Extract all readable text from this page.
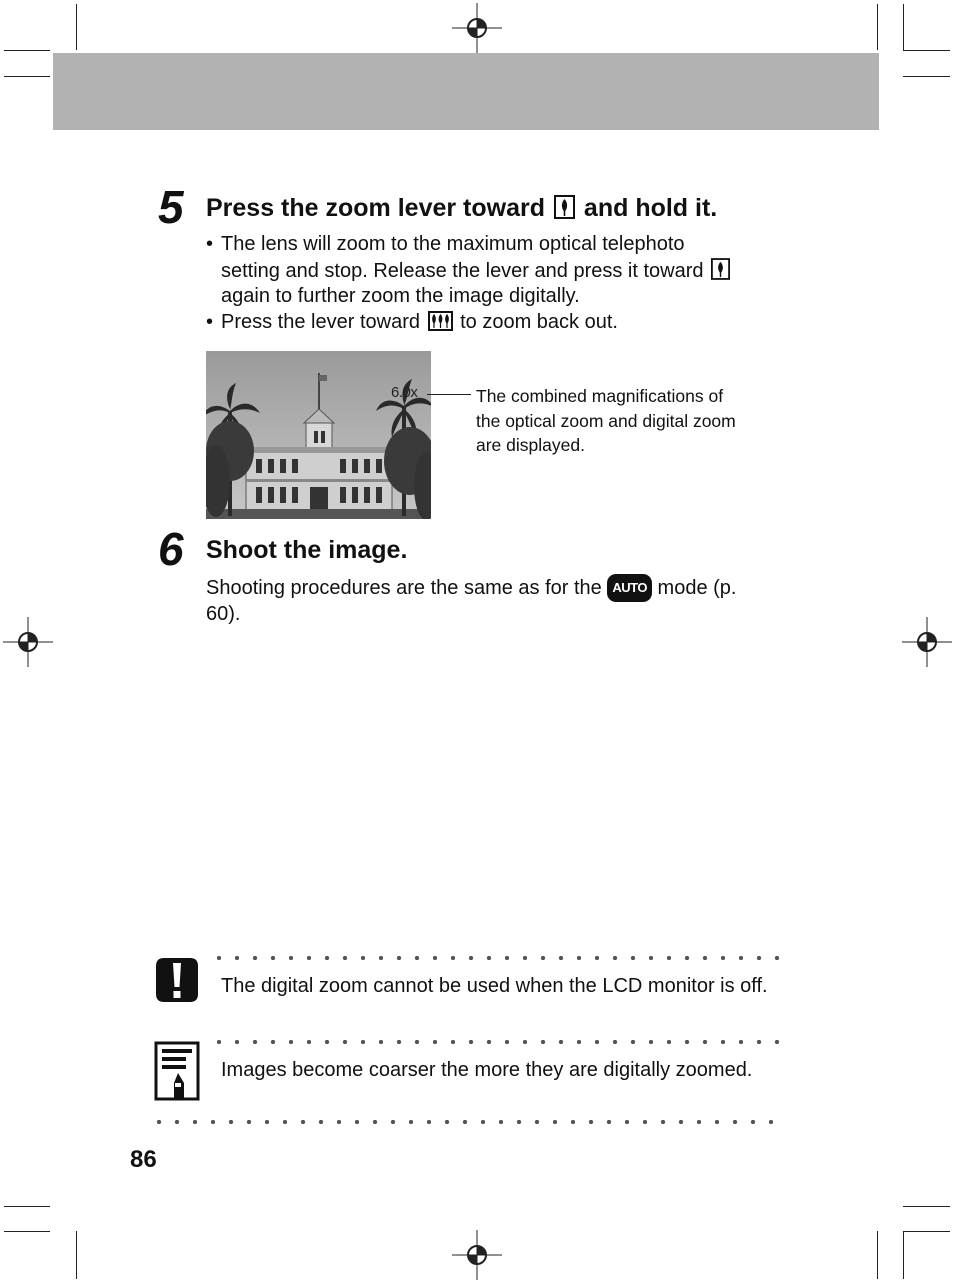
5 Press the zoom lever toward and hold it.
• The lens will zoom to the maximum optical telephoto
setting and stop. Release the lever and press it toward
again to further zoom the image digitally.
• Press the lever toward to zoom back out.
6.0x	The combined magnifications of the optical zoom and digital zoom are displayed.
6 Shoot the image.
Shooting procedures are the same as for the AUTO mode (p. 60).
The digital zoom cannot be used when the LCD monitor is off.
Images become coarser the more they are digitally zoomed.
86
